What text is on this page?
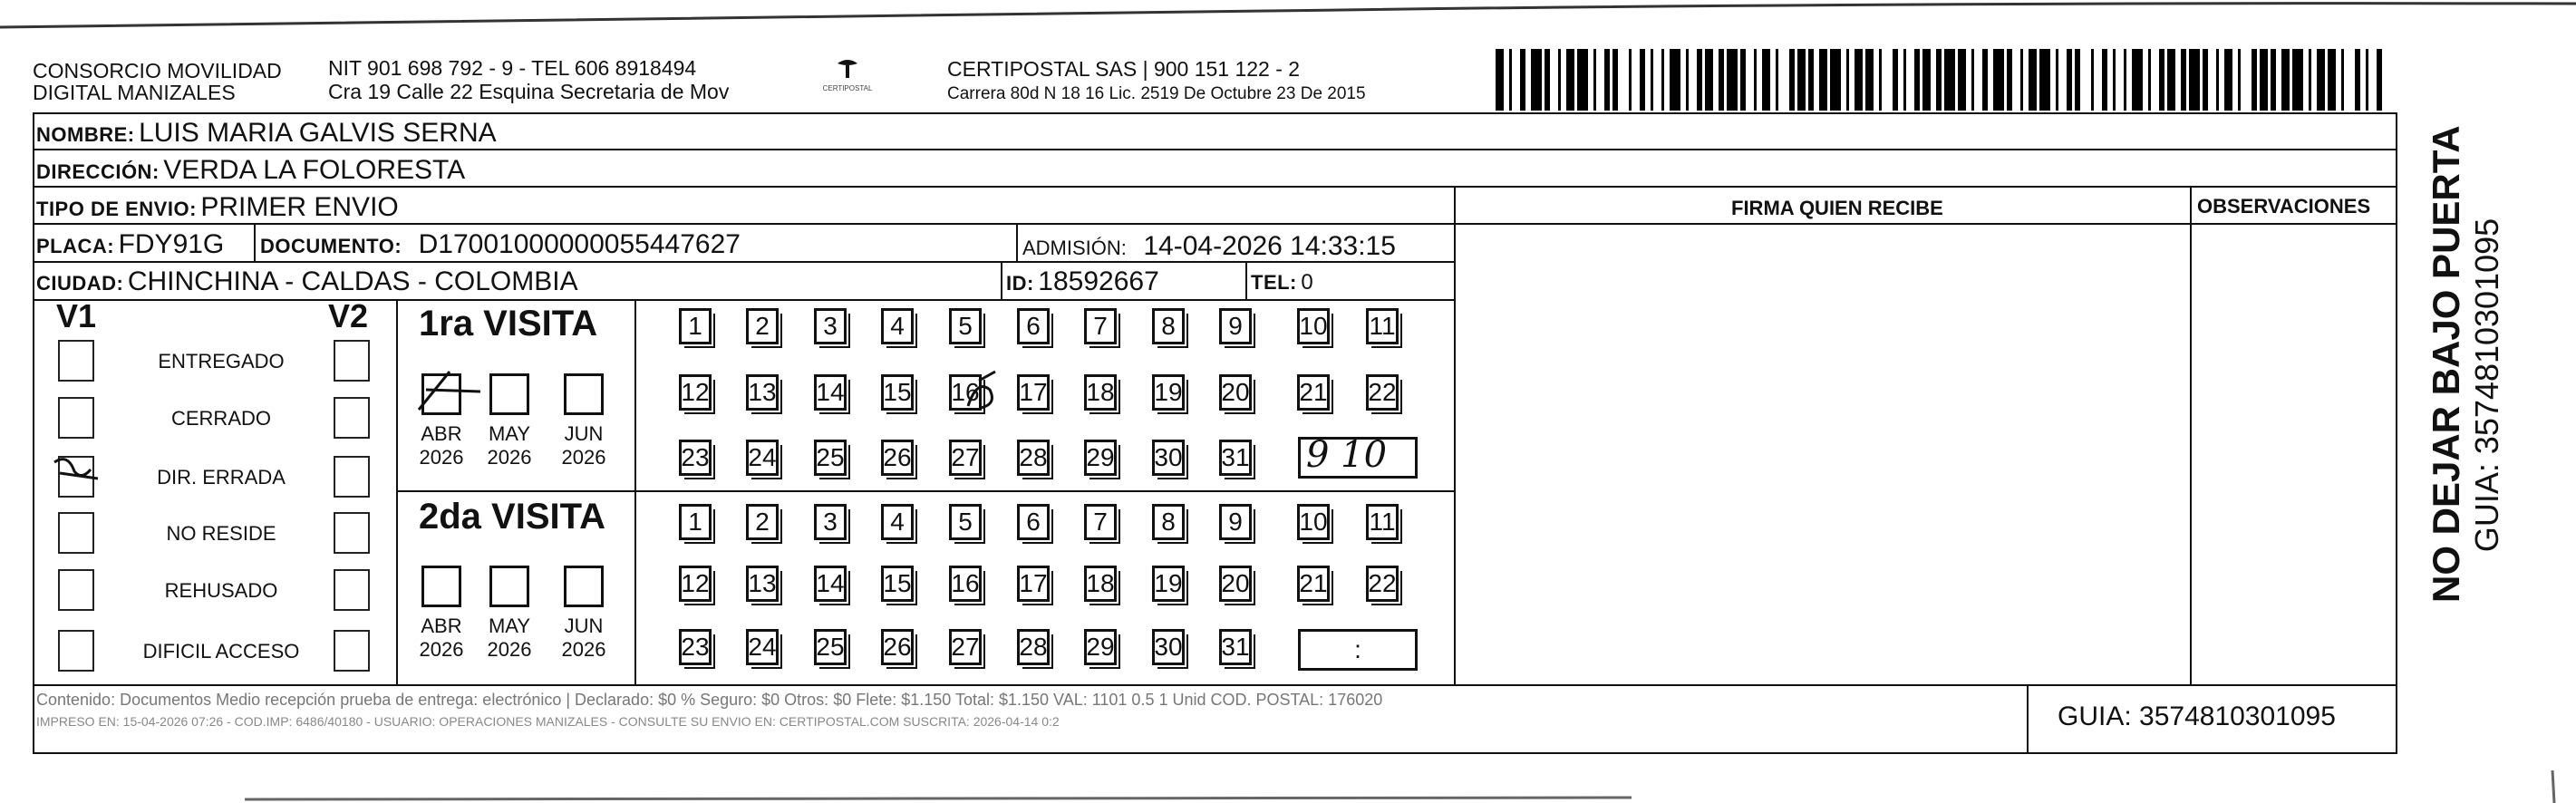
CONSORCIO MOVILIDAD
DIGITAL MANIZALES
NIT 901 698 792 - 9 - TEL 606 8918494
Cra 19 Calle 22 Esquina Secretaria de Mov	CERTIPOSTAL
CERTIPOSTAL SAS | 900 151 122 - 2
Carrera 80d N 18 16 Lic. 2519 De Octubre 23 De 2015
NOMBRE: LUIS MARIA GALVIS SERNA
DIRECCIÓN: VERDA LA FOLORESTA
TIPO DE ENVIO: PRIMER ENVIO	FIRMA QUIEN RECIBE	OBSERVACIONES
PLACA: FDY91G DOCUMENTO: D17001000000055447627	ADMISIÓN: 14-04-2026 14:33:15
CIUDAD: CHINCHINA - CALDAS - COLOMBIA	ID: 18592667	TEL: 0
V1	V2
ENTREGADO
CERRADO
DIR. ERRADA
NO RESIDE
REHUSADO
DIFICIL ACCESO
1ra VISITA
2da VISITA
ABR
2026
MAY
2026
JUN
2026
ABR
2026
MAY
2026
JUN
2026
1	2	3	4	5	6	7	8	9	10 11
12 13 14 15 16 17 18 19 20 21 22
23 24 25 26 27 28 29 30 31
1	2	3	4	5	6	7	8	9	10 11
12 13 14 15 16 17 18 19 20 21 22
23 24 25 26 27 28 29 30 31
9 10
:
Contenido: Documentos Medio recepción prueba de entrega: electrónico | Declarado: $0 % Seguro: $0 Otros: $0 Flete: $1.150 Total: $1.150 VAL: 1101 0.5 1 Unid COD. POSTAL: 176020
IMPRESO EN: 15-04-2026 07:26 - COD.IMP: 6486/40180 - USUARIO: OPERACIONES MANIZALES - CONSULTE SU ENVIO EN: CERTIPOSTAL.COM SUSCRITA: 2026-04-14 0:2	GUIA: 3574810301095
NO DEJAR BAJO PUERTA GUIA: 3574810301095
